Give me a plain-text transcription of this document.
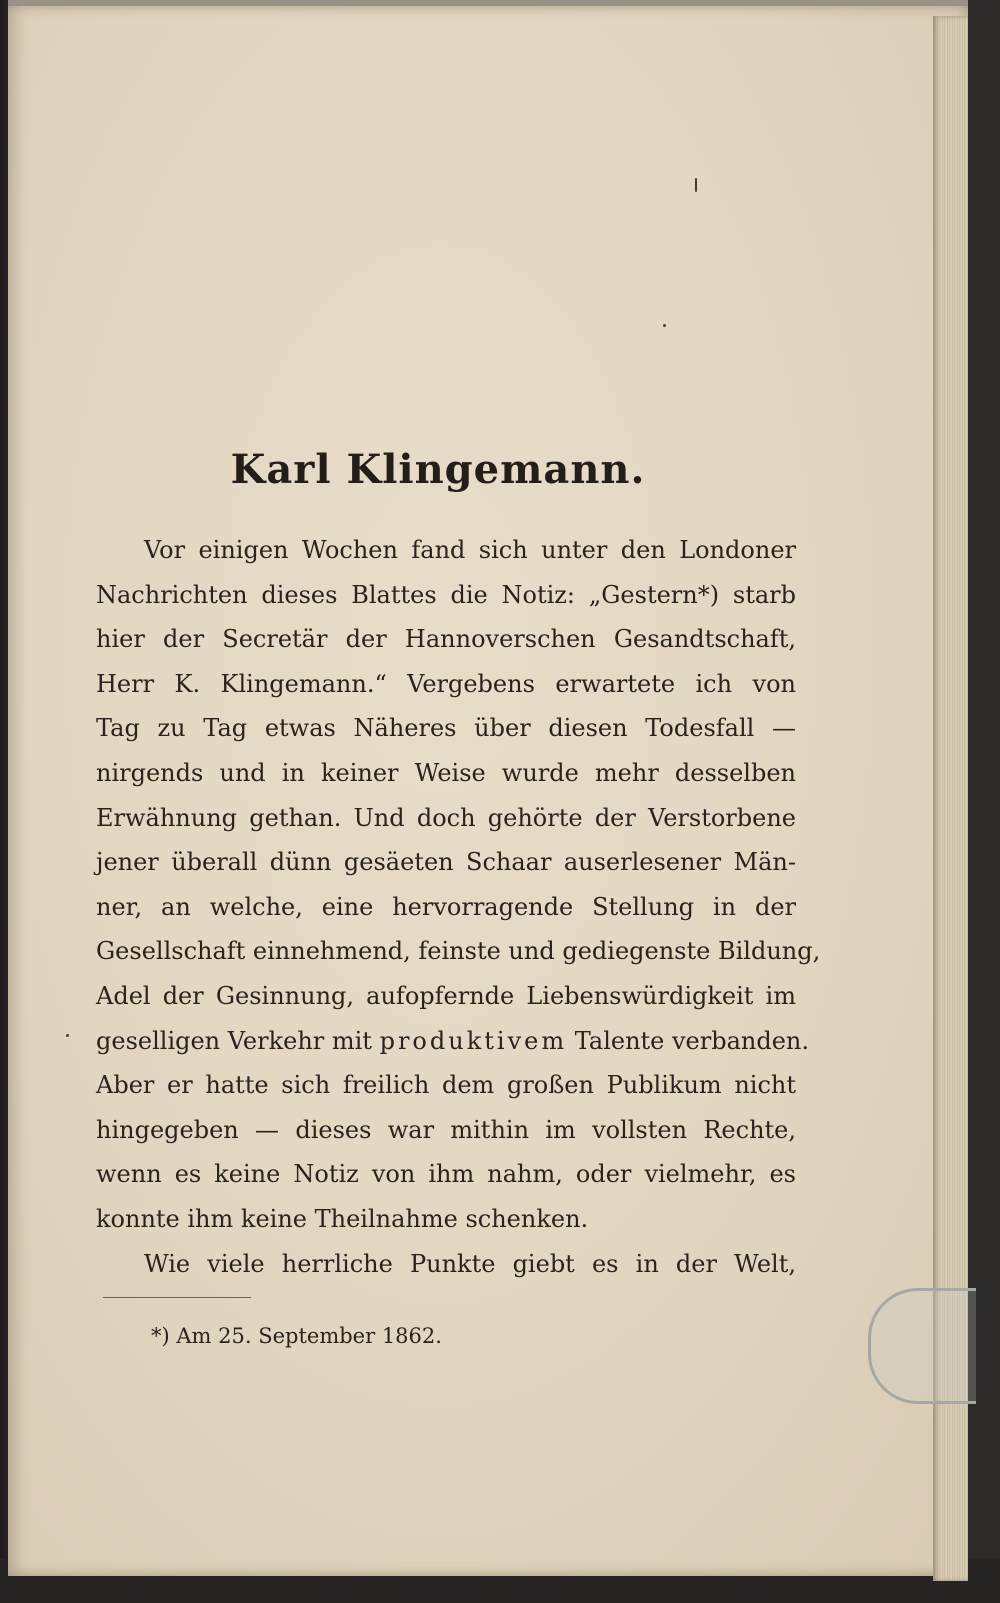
Karl Klingemann.
Vor einigen Wochen fand sich unter den Londoner
Nachrichten dieses Blattes die Notiz: „Gestern*) starb
hier der Secretär der Hannoverschen Gesandtschaft,
Herr K. Klingemann.“ Vergebens erwartete ich von
Tag zu Tag etwas Näheres über diesen Todesfall —
nirgends und in keiner Weise wurde mehr desselben
Erwähnung gethan. Und doch gehörte der Verstorbene
jener überall dünn gesäeten Schaar auserlesener Män-
ner, an welche, eine hervorragende Stellung in der
Gesellschaft einnehmend, feinste und gediegenste Bildung,
Adel der Gesinnung, aufopfernde Liebenswürdigkeit im
geselligen Verkehr mit produktivem Talente verbanden.
Aber er hatte sich freilich dem großen Publikum nicht
hingegeben — dieses war mithin im vollsten Rechte,
wenn es keine Notiz von ihm nahm, oder vielmehr, es
konnte ihm keine Theilnahme schenken.
Wie viele herrliche Punkte giebt es in der Welt,
*) Am 25. September 1862.
